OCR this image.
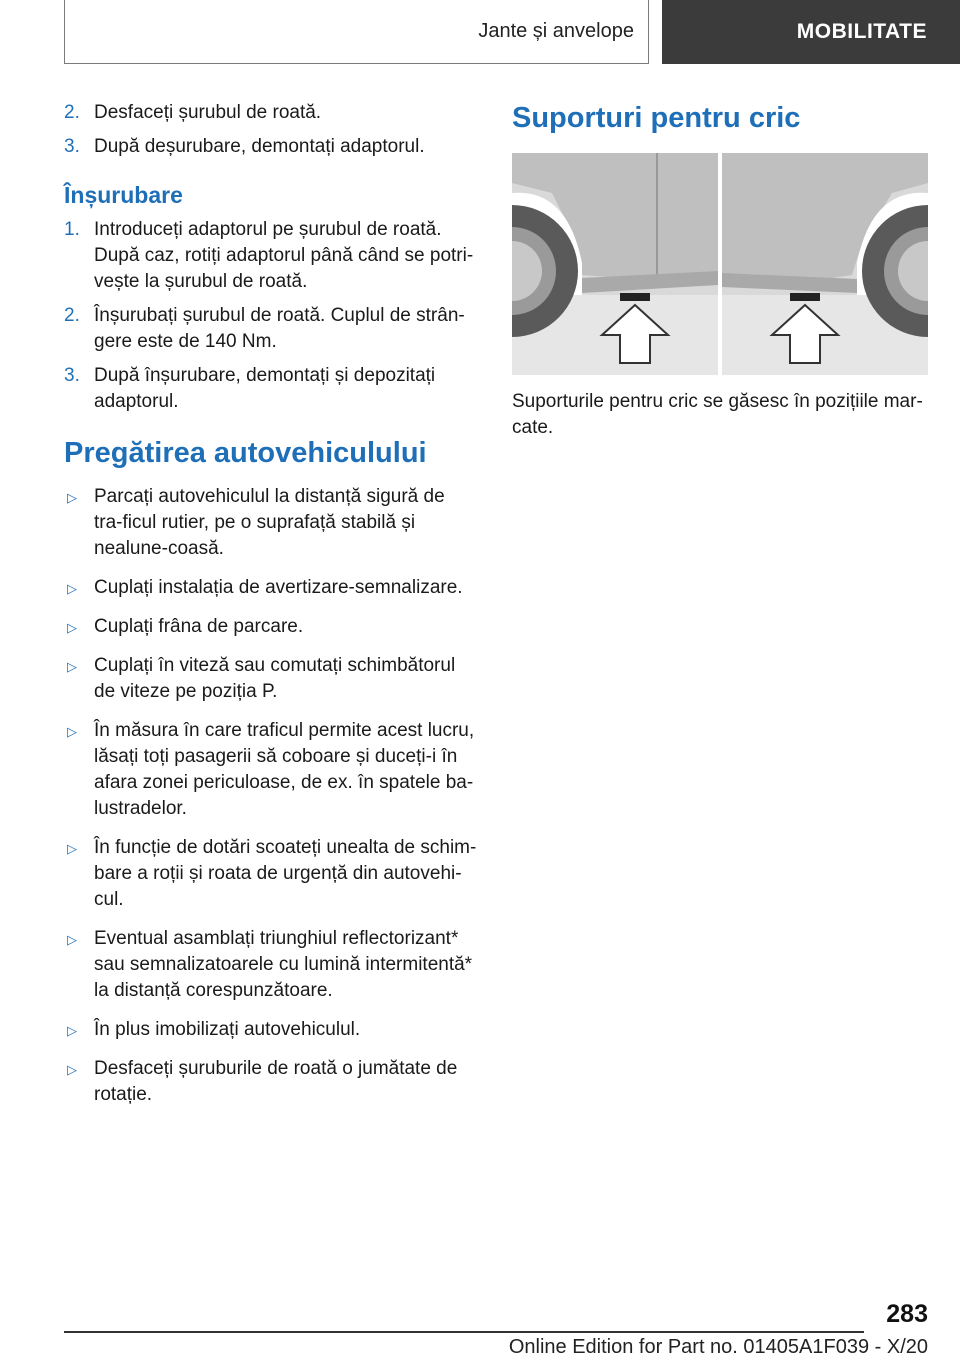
Jante și anvelope	MOBILITATE
2. Desfaceți șurubul de roată.
3. După deșurubare, demontați adaptorul.
Înșurubare
1. Introduceți adaptorul pe șurubul de roată. După caz, rotiți adaptorul până când se potri-vește la șurubul de roată.
2. Înșurubați șurubul de roată. Cuplul de strân-gere este de 140 Nm.
3. După înșurubare, demontați și depozitați adaptorul.
Pregătirea autovehiculului
▷ Parcați autovehiculul la distanță sigură de tra-ficul rutier, pe o suprafață stabilă și nealune-coasă.
▷ Cuplați instalația de avertizare-semnalizare.
▷ Cuplați frâna de parcare.
▷ Cuplați în viteză sau comutați schimbătorul de viteze pe poziția P.
▷ În măsura în care traficul permite acest lucru, lăsați toți pasagerii să coboare și duceți-i în afara zonei periculoase, de ex. în spatele ba-lustradelor.
▷ În funcție de dotări scoateți unealta de schim-bare a roții și roata de urgență din autovehi-cul.
▷ Eventual asamblați triunghiul reflectorizant* sau semnalizatoarele cu lumină intermitentă* la distanță corespunzătoare.
▷ În plus imobilizați autovehiculul.
▷ Desfaceți șuruburile de roată o jumătate de rotație.
Suporturi pentru cric
Suporturile pentru cric se găsesc în pozițiile mar-cate.
283
Online Edition for Part no. 01405A1F039 - X/20
